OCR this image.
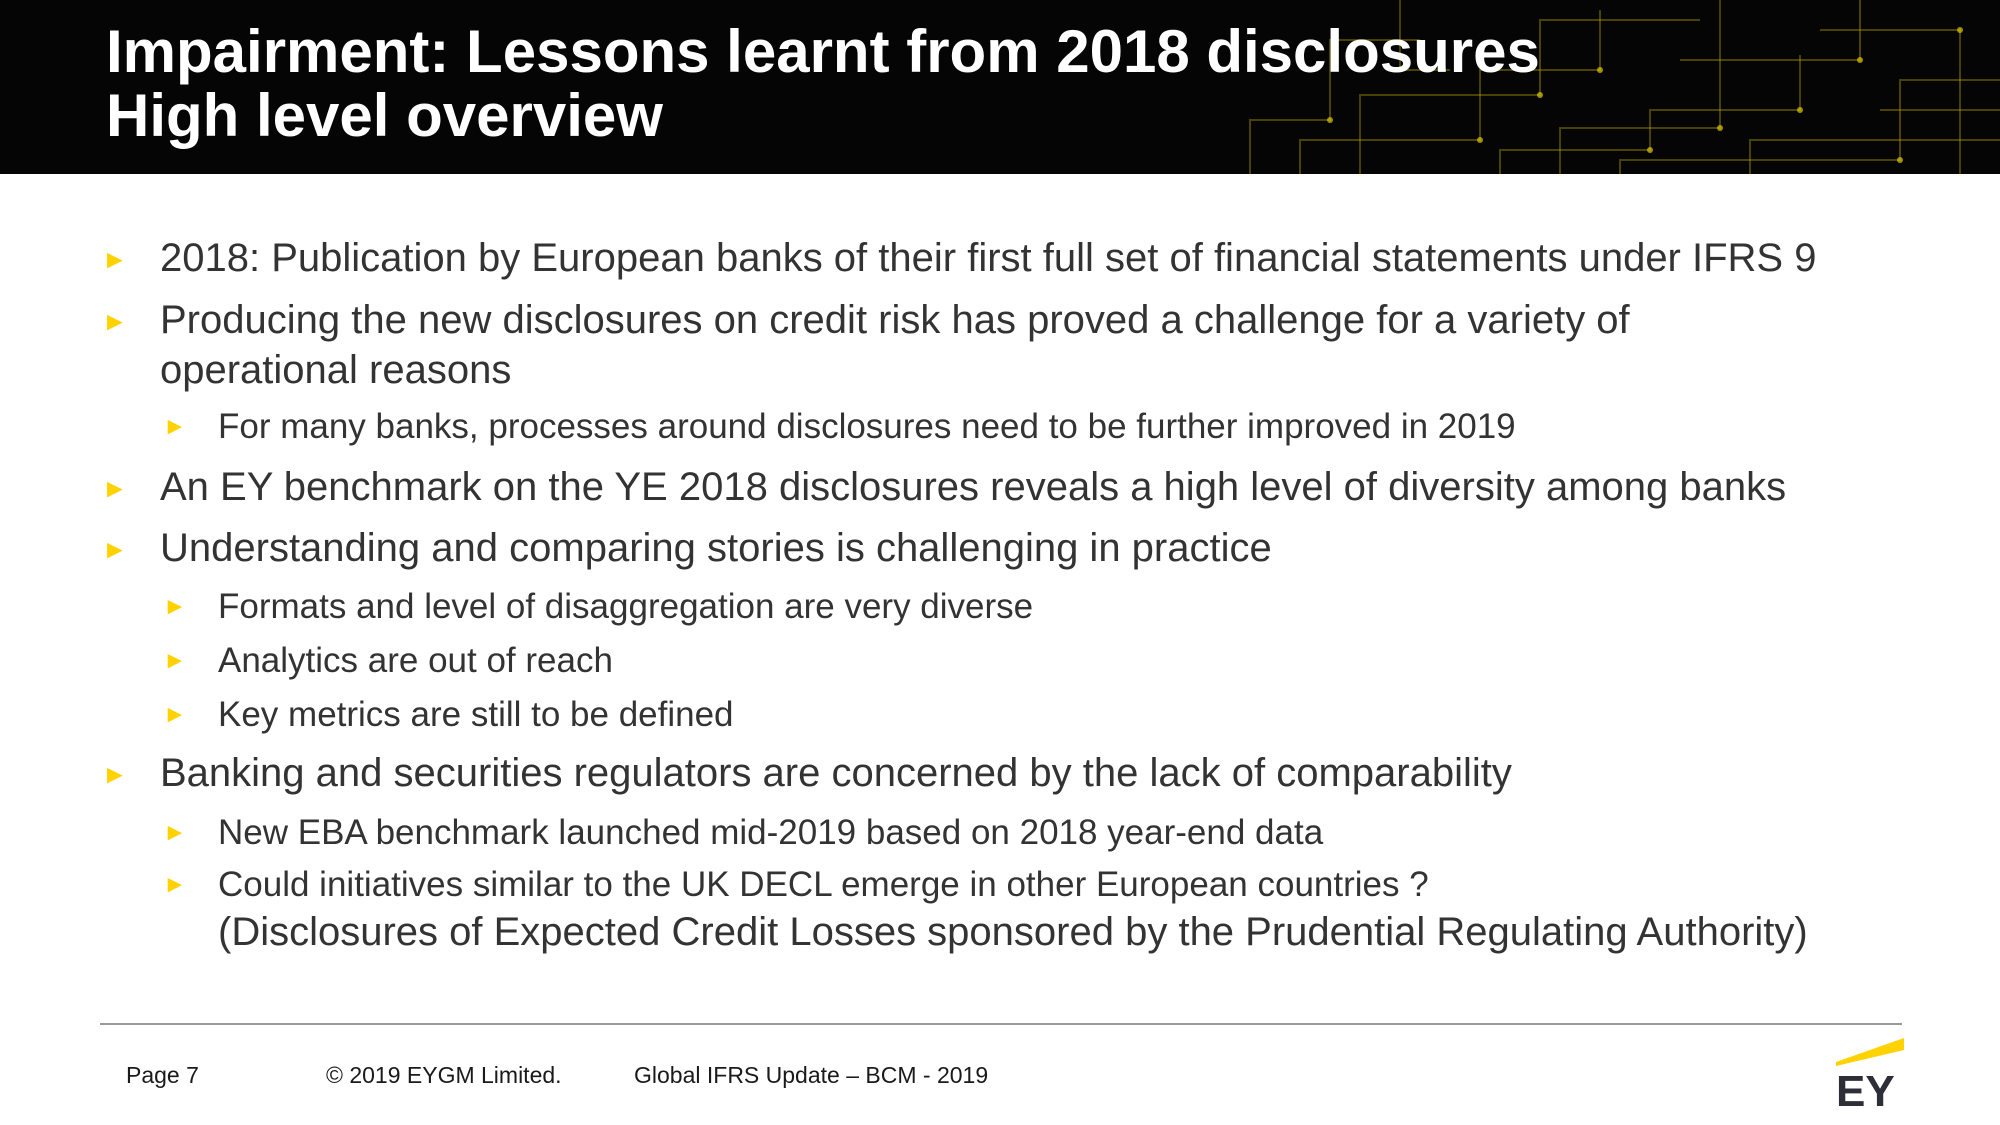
Impairment: Lessons learnt from 2018 disclosures
High level overview
► 2018: Publication by European banks of their first full set of financial statements under IFRS 9
► Producing the new disclosures on credit risk has proved a challenge for a variety of
operational reasons
► For many banks, processes around disclosures need to be further improved in 2019
► An EY benchmark on the YE 2018 disclosures reveals a high level of diversity among banks
► Understanding and comparing stories is challenging in practice
► Formats and level of disaggregation are very diverse
► Analytics are out of reach
► Key metrics are still to be defined
► Banking and securities regulators are concerned by the lack of comparability
► New EBA benchmark launched mid-2019 based on 2018 year-end data
► Could initiatives similar to the UK DECL emerge in other European countries ?
(Disclosures of Expected Credit Losses sponsored by the Prudential Regulating Authority)
Page 7	© 2019 EYGM Limited.	Global IFRS Update – BCM - 2019	EY
